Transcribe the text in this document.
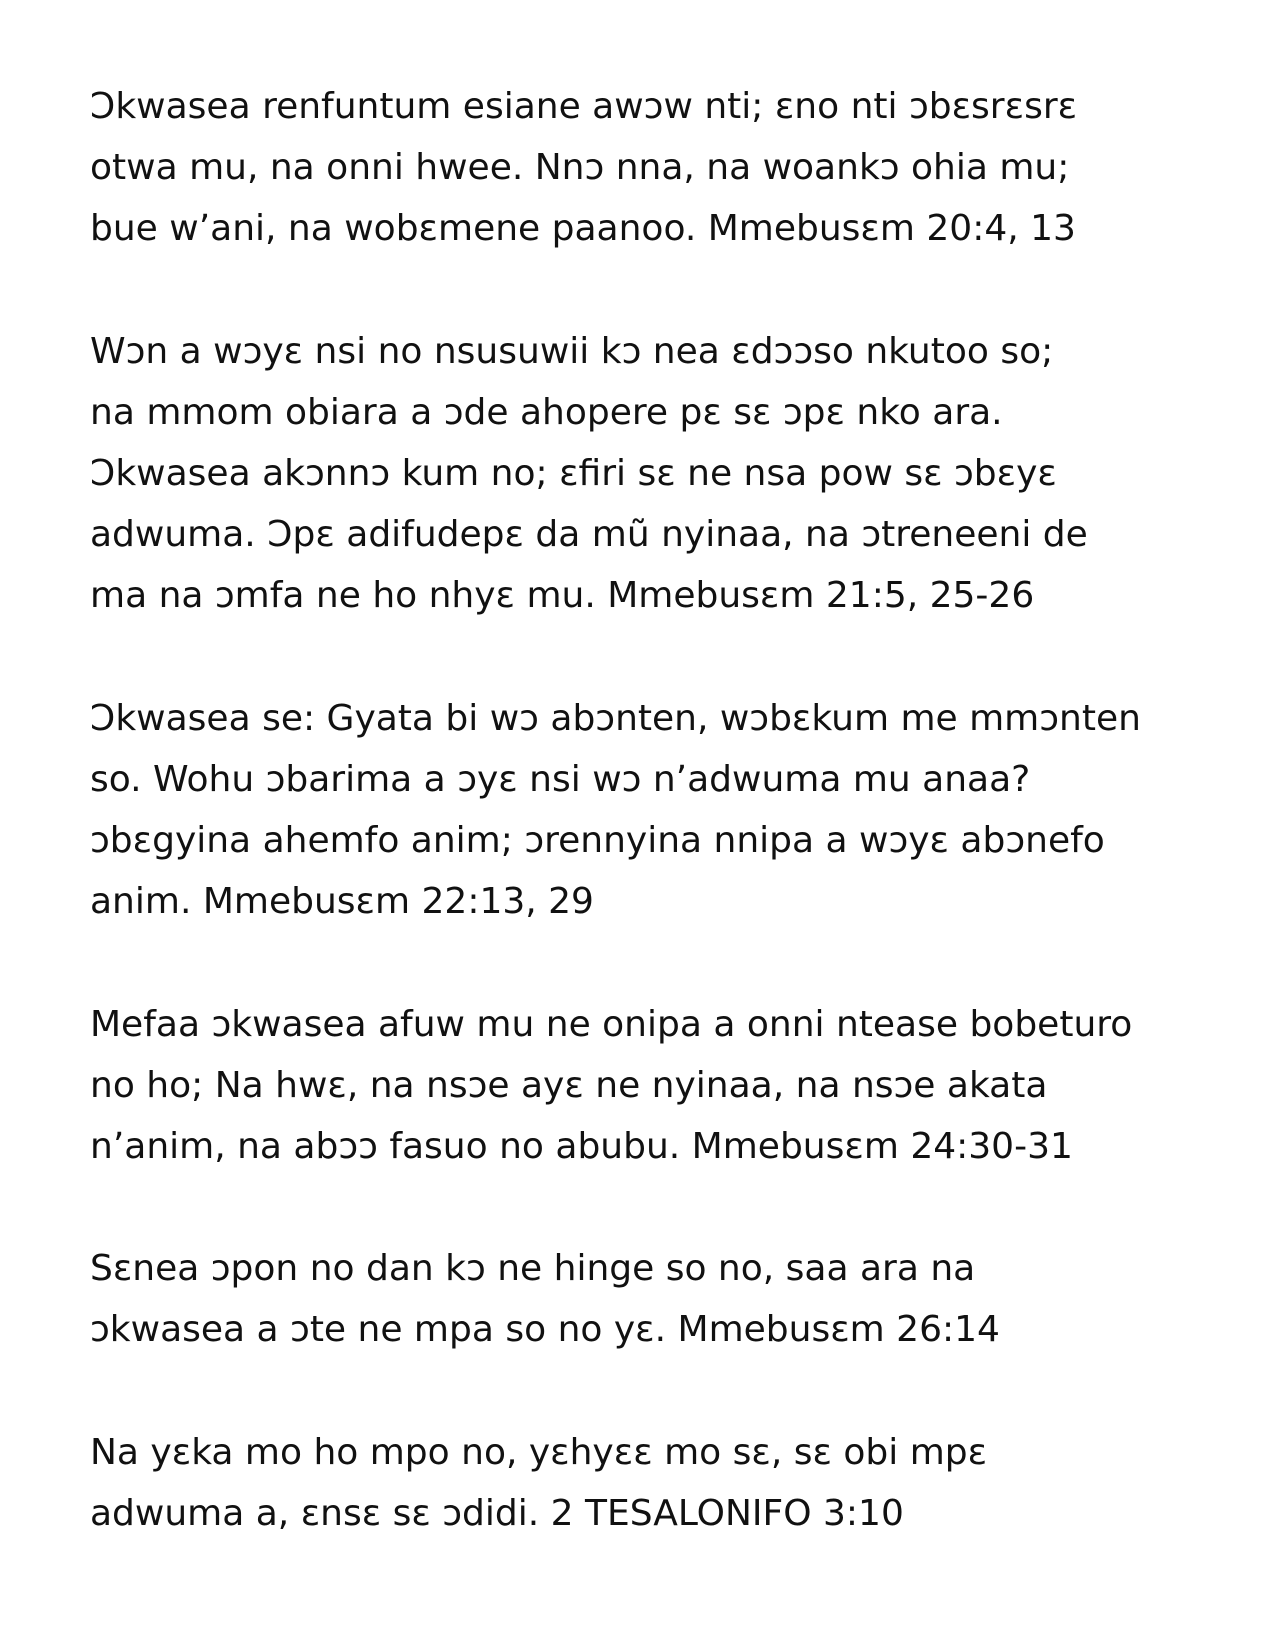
Ɔkwasea renfuntum esiane awɔw nti; ɛno nti ɔbɛsrɛsrɛ
otwa mu, na onni hwee. Nnɔ nna, na woankɔ ohia mu;
bue w’ani, na wobɛmene paanoo. Mmebusɛm 20:4, 13

Wɔn a wɔyɛ nsi no nsusuwii kɔ nea ɛdɔɔso nkutoo so;
na mmom obiara a ɔde ahopere pɛ sɛ ɔpɛ nko ara.
Ɔkwasea akɔnnɔ kum no; ɛfiri sɛ ne nsa pow sɛ ɔbɛyɛ
adwuma. Ɔpɛ adifudepɛ da mũ nyinaa, na ɔtreneeni de
ma na ɔmfa ne ho nhyɛ mu. Mmebusɛm 21:5, 25-26

Ɔkwasea se: Gyata bi wɔ abɔnten, wɔbɛkum me mmɔnten
so. Wohu ɔbarima a ɔyɛ nsi wɔ n’adwuma mu anaa?
ɔbɛgyina ahemfo anim; ɔrennyina nnipa a wɔyɛ abɔnefo
anim. Mmebusɛm 22:13, 29

Mefaa ɔkwasea afuw mu ne onipa a onni ntease bobeturo
no ho; Na hwɛ, na nsɔe ayɛ ne nyinaa, na nsɔe akata
n’anim, na abɔɔ fasuo no abubu. Mmebusɛm 24:30-31

Sɛnea ɔpon no dan kɔ ne hinge so no, saa ara na
ɔkwasea a ɔte ne mpa so no yɛ. Mmebusɛm 26:14

Na yɛka mo ho mpo no, yɛhyɛɛ mo sɛ, sɛ obi mpɛ
adwuma a, ɛnsɛ sɛ ɔdidi. 2 TESALONIFO 3:10
